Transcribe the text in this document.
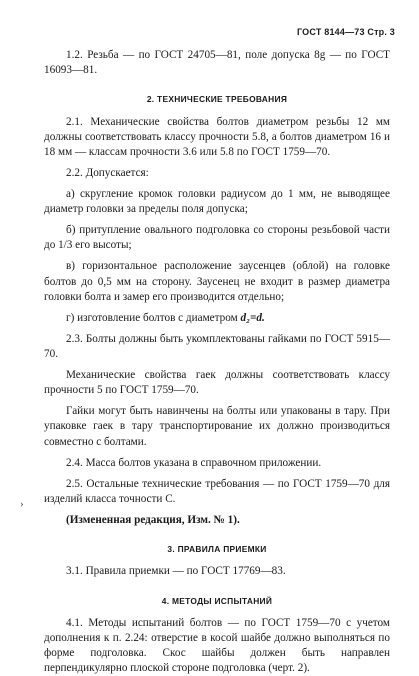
ГОСТ 8144—73 Стр. 3

1.2. Резьба — по ГОСТ 24705—81, поле допуска 8g — по ГОСТ 16093—81.

2. ТЕХНИЧЕСКИЕ ТРЕБОВАНИЯ

2.1. Механические свойства болтов диаметром резьбы 12 мм должны соответствовать классу прочности 5.8, а болтов диаметром 16 и 18 мм — классам прочности 3.6 или 5.8 по ГОСТ 1759—70.

2.2. Допускается:

а) скругление кромок головки радиусом до 1 мм, не выводящее диаметр головки за пределы поля допуска;

б) притупление овального подголовка со стороны резьбовой части до 1/3 его высоты;

в) горизонтальное расположение заусенцев (облой) на головке болтов до 0,5 мм на сторону. Заусенец не входит в размер диаметра головки болта и замер его производится отдельно;

г) изготовление болтов с диаметром d₂=d.

2.3. Болты должны быть укомплектованы гайками по ГОСТ 5915—70.

Механические свойства гаек должны соответствовать классу прочности 5 по ГОСТ 1759—70.

Гайки могут быть навинчены на болты или упакованы в тару. При упаковке гаек в тару транспортирование их должно производиться совместно с болтами.

2.4. Масса болтов указана в справочном приложении.

2.5. Остальные технические требования — по ГОСТ 1759—70 для изделий класса точности С.

(Измененная редакция, Изм. № 1).

3. ПРАВИЛА ПРИЕМКИ

3.1. Правила приемки — по ГОСТ 17769—83.

4. МЕТОДЫ ИСПЫТАНИЙ

4.1. Методы испытаний болтов — по ГОСТ 1759—70 с учетом дополнения к п. 2.24: отверстие в косой шайбе должно выполняться по форме подголовка. Скос шайбы должен быть направлен перпендикулярно плоской стороне подголовка (черт. 2).

›
